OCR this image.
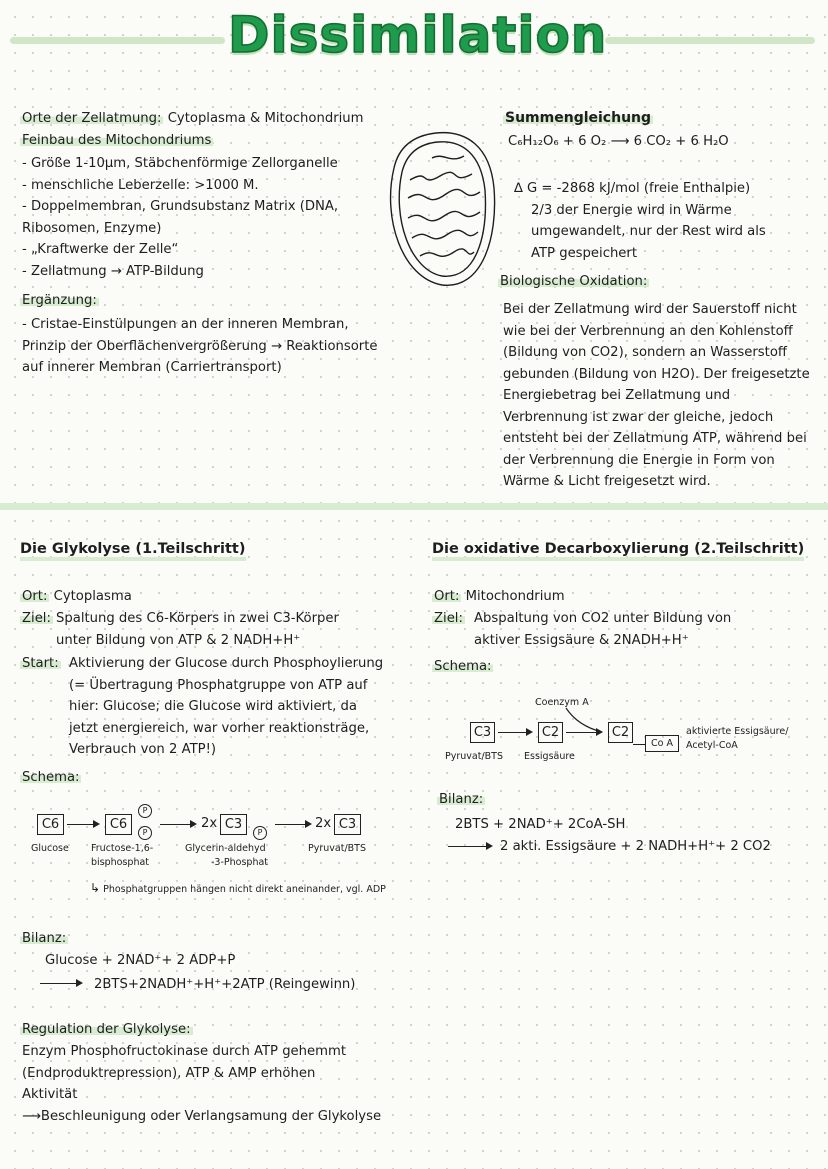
Dissimilation
Orte der Zellatmung: Cytoplasma & Mitochondrium
Feinbau des Mitochondriums
- Größe 1-10µm, Stäbchenförmige Zellorganelle
- menschliche Leberzelle: >1000 M.
- Doppelmembran, Grundsubstanz Matrix (DNA,
Ribosomen, Enzyme)
- „Kraftwerke der Zelle“
- Zellatmung → ATP-Bildung
Ergänzung:
- Cristae-Einstülpungen an der inneren Membran,
Prinzip der Oberflächenvergrößerung → Reaktionsorte
auf innerer Membran (Carriertransport)
Summengleichung
C₆H₁₂O₆ + 6 O₂ ⟶ 6 CO₂ + 6 H₂O
∆ G = -2868 kJ/mol (freie Enthalpie)
2/3 der Energie wird in Wärme
umgewandelt, nur der Rest wird als
ATP gespeichert
Biologische Oxidation:
Bei der Zellatmung wird der Sauerstoff nicht
wie bei der Verbrennung an den Kohlenstoff
(Bildung von CO2), sondern an Wasserstoff
gebunden (Bildung von H2O). Der freigesetzte
Energiebetrag bei Zellatmung und
Verbrennung ist zwar der gleiche, jedoch
entsteht bei der Zellatmung ATP, während bei
der Verbrennung die Energie in Form von
Wärme & Licht freigesetzt wird.
Die Glykolyse (1.Teilschritt)
Ort: Cytoplasma
Ziel: Spaltung des C6-Körpers in zwei C3-Körper
unter Bildung von ATP & 2 NADH+H⁺
Start: Aktivierung der Glucose durch Phosphoylierung
(= Übertragung Phosphatgruppe von ATP auf
hier: Glucose; die Glucose wird aktiviert, da
jetzt energiereich, war vorher reaktionsträge,
Verbrauch von 2 ATP!)
Schema:
C6	C6
P
P
2x C3
P
2x C3
Glucose Fructose-1,6-
bisphosphat
Glycerin-aldehyd
-3-Phosphat
Pyruvat/BTS
↳ Phosphatgruppen hängen nicht direkt aneinander, vgl. ADP
Bilanz:
Glucose + 2NAD⁺+ 2 ADP+P
2BTS+2NADH⁺+H⁺+2ATP (Reingewinn)
Regulation der Glykolyse:
Enzym Phosphofructokinase durch ATP gehemmt
(Endproduktrepression), ATP & AMP erhöhen
Aktivität
⟶Beschleunigung oder Verlangsamung der Glykolyse
Die oxidative Decarboxylierung (2.Teilschritt)
Ort: Mitochondrium
Ziel: Abspaltung von CO2 unter Bildung von
aktiver Essigsäure & 2NADH+H⁺
Schema:
Coenzym A
C3	C2	C2
Co A
Pyruvat/BTS Essigsäure
aktivierte Essigsäure/
Acetyl-CoA
Bilanz:
2BTS + 2NAD⁺+ 2CoA-SH
2 akti. Essigsäure + 2 NADH+H⁺+ 2 CO2
